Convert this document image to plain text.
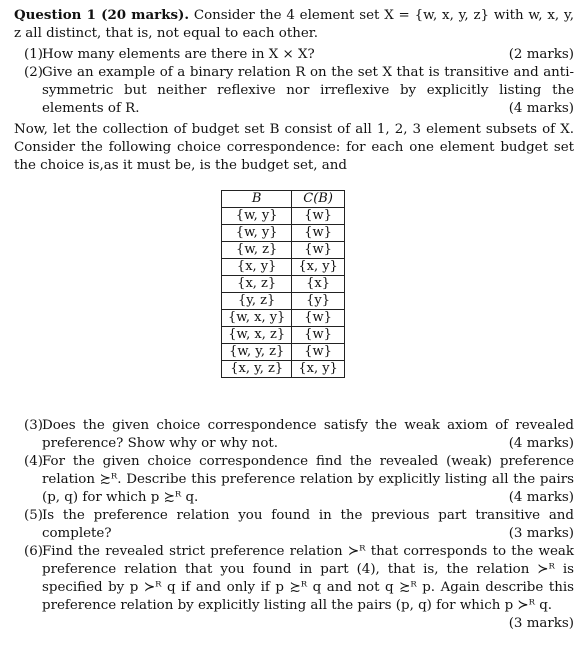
Question 1 (20 marks). Consider the 4 element set X = {w, x, y, z} with w, x, y, z all distinct, that is, not equal to each other.
(1) How many elements are there in X × X?	(2 marks)
(2) Give an example of a binary relation R on the set X that is transitive and anti-symmetric but neither reflexive nor irreflexive by explicitly listing the elements of R.	(4 marks)
Now, let the collection of budget set B consist of all 1, 2, 3 element subsets of X. Consider the following choice correspondence: for each one element budget set the choice is,as it must be, is the budget set, and
B	C(B)
{w, y}	{w}
{w, y}	{w}
{w, z}	{w}
{x, y}	{x, y}
{x, z}	{x}
{y, z}	{y}
{w, x, y}	{w}
{w, x, z}	{w}
{w, y, z}	{w}
{x, y, z}	{x, y}
(3) Does the given choice correspondence satisfy the weak axiom of revealed preference? Show why or why not.	(4 marks)
(4) For the given choice correspondence find the revealed (weak) preference relation ≿ᴿ. Describe this preference relation by explicitly listing all the pairs (p, q) for which p ≿ᴿ q.	(4 marks)
(5) Is the preference relation you found in the previous part transitive and complete?	(3 marks)
(6) Find the revealed strict preference relation ≻ᴿ that corresponds to the weak preference relation that you found in part (4), that is, the relation ≻ᴿ is specified by p ≻ᴿ q if and only if p ≿ᴿ q and not q ≿ᴿ p. Again describe this preference relation by explicitly listing all the pairs (p, q) for which p ≻ᴿ q.
(3 marks)
